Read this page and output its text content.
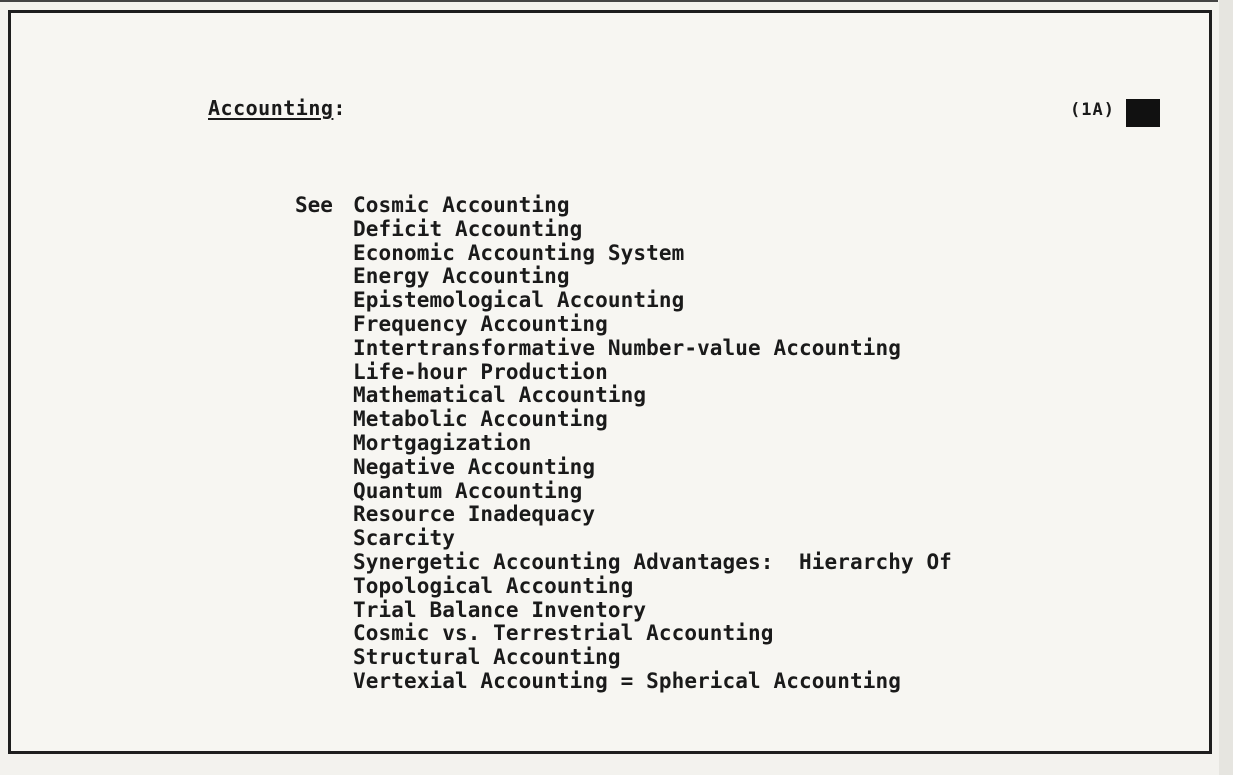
Accounting:	(1A)
See Cosmic Accounting
Deficit Accounting
Economic Accounting System
Energy Accounting
Epistemological Accounting
Frequency Accounting
Intertransformative Number-value Accounting
Life-hour Production
Mathematical Accounting
Metabolic Accounting
Mortgagization
Negative Accounting
Quantum Accounting
Resource Inadequacy
Scarcity
Synergetic Accounting Advantages:  Hierarchy Of
Topological Accounting
Trial Balance Inventory
Cosmic vs. Terrestrial Accounting
Structural Accounting
Vertexial Accounting = Spherical Accounting
